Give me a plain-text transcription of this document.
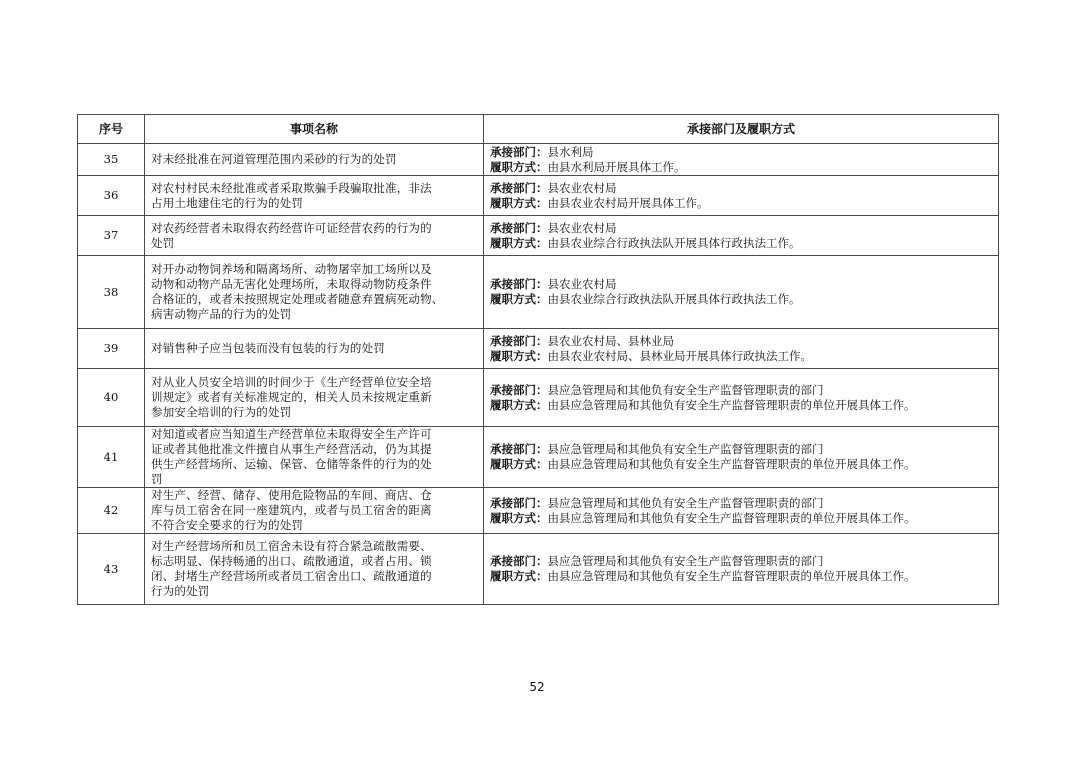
序号	事项名称	承接部门及履职方式
35	对未经批准在河道管理范围内采砂的行为的处罚	承接部门：县水利局
履职方式：由县水利局开展具体工作。

36	对农村村民未经批准或者采取欺骗手段骗取批准，非法
占用土地建住宅的行为的处罚	承接部门：县农业农村局
履职方式：由县农业农村局开展具体工作。

37	对农药经营者未取得农药经营许可证经营农药的行为的
处罚	承接部门：县农业农村局
履职方式：由县农业综合行政执法队开展具体行政执法工作。

38	对开办动物饲养场和隔离场所、动物屠宰加工场所以及
动物和动物产品无害化处理场所，未取得动物防疫条件
合格证的，或者未按照规定处理或者随意弃置病死动物、
病害动物产品的行为的处罚	承接部门：县农业农村局
履职方式：由县农业综合行政执法队开展具体行政执法工作。

39	对销售种子应当包装而没有包装的行为的处罚	承接部门：县农业农村局、县林业局
履职方式：由县农业农村局、县林业局开展具体行政执法工作。

40	对从业人员安全培训的时间少于《生产经营单位安全培
训规定》或者有关标准规定的，相关人员未按规定重新
参加安全培训的行为的处罚	承接部门：县应急管理局和其他负有安全生产监督管理职责的部门
履职方式：由县应急管理局和其他负有安全生产监督管理职责的单位开展具体工作。

41	对知道或者应当知道生产经营单位未取得安全生产许可
证或者其他批准文件擅自从事生产经营活动，仍为其提
供生产经营场所、运输、保管、仓储等条件的行为的处
罚	承接部门：县应急管理局和其他负有安全生产监督管理职责的部门
履职方式：由县应急管理局和其他负有安全生产监督管理职责的单位开展具体工作。

42	对生产、经营、储存、使用危险物品的车间、商店、仓
库与员工宿舍在同一座建筑内，或者与员工宿舍的距离
不符合安全要求的行为的处罚	承接部门：县应急管理局和其他负有安全生产监督管理职责的部门
履职方式：由县应急管理局和其他负有安全生产监督管理职责的单位开展具体工作。

43	对生产经营场所和员工宿舍未设有符合紧急疏散需要、
标志明显、保持畅通的出口、疏散通道，或者占用、锁
闭、封堵生产经营场所或者员工宿舍出口、疏散通道的
行为的处罚	承接部门：县应急管理局和其他负有安全生产监督管理职责的部门
履职方式：由县应急管理局和其他负有安全生产监督管理职责的单位开展具体工作。
52
